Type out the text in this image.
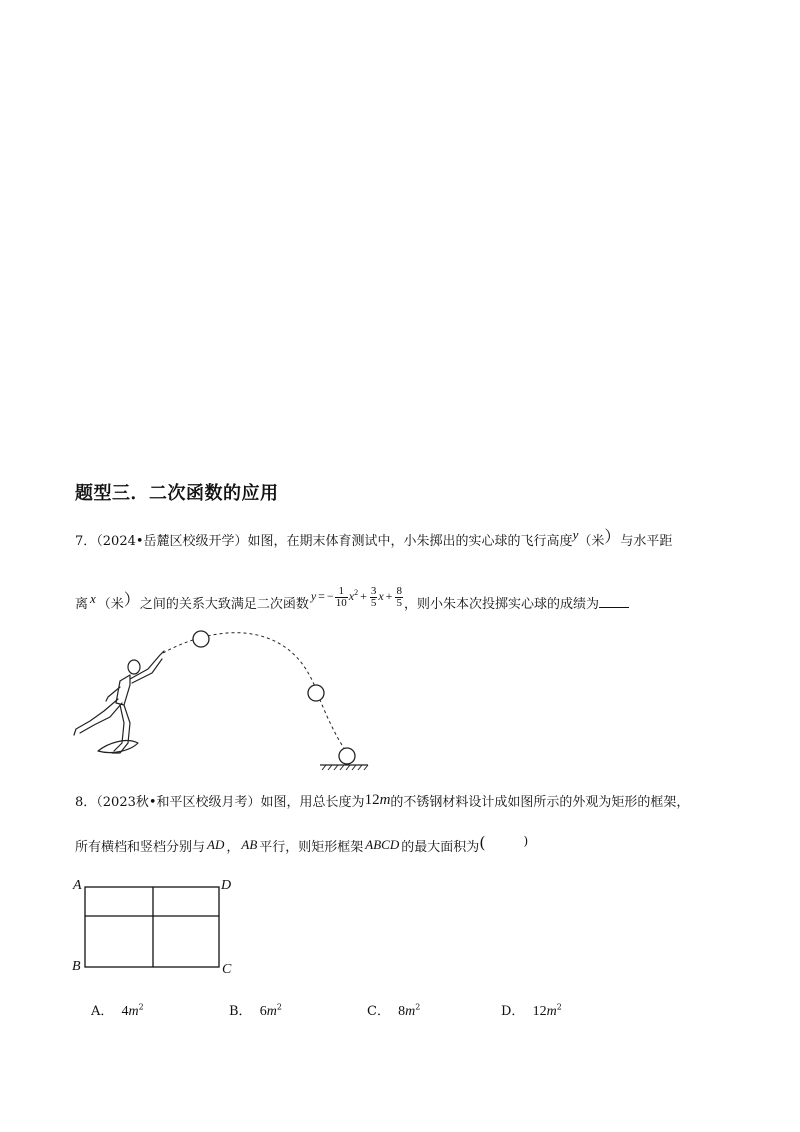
题型三．二次函数的应用
7．（2024•岳麓区校级开学）如图，在期末体育测试中，小朱掷出的实心球的飞行高度y（米）与水平距
离 x （米）之间的关系大致满足二次函数y = − $\frac{1}{10} x^2 + \frac{3}{5}$ $x + \frac{8}{5}$ ，则小朱本次投掷实心球的成绩为
8．（2023秋•和平区校级月考）如图，用总长度为12m的不锈钢材料设计成如图所示的外观为矩形的框架，
所有横档和竖档分别与 AD ， AB 平行，则矩形框架 ABCD 的最大面积为(	)
A	D
B	C
A． $4m^2$	B． $6m^2$	C． $8m^2$	D． $12m^2$
